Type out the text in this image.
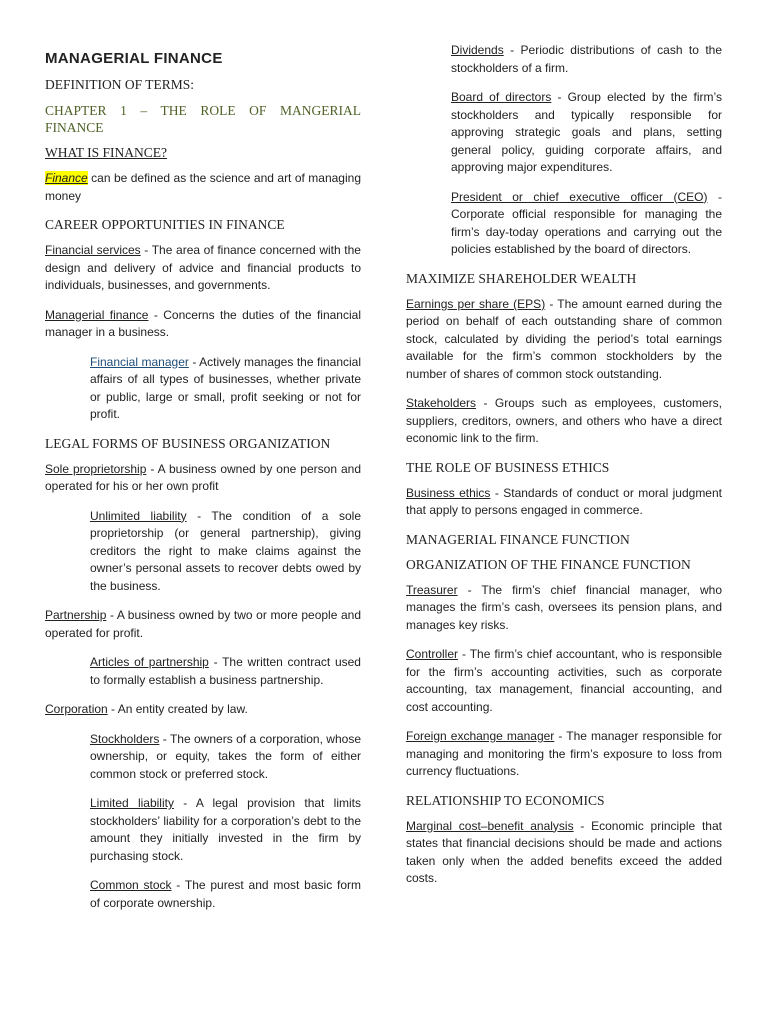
MANAGERIAL FINANCE
DEFINITION OF TERMS:
CHAPTER 1 – THE ROLE OF MANGERIAL FINANCE
WHAT IS FINANCE?
Finance can be defined as the science and art of managing money
CAREER OPPORTUNITIES IN FINANCE
Financial services - The area of finance concerned with the design and delivery of advice and financial products to individuals, businesses, and governments.
Managerial finance - Concerns the duties of the financial manager in a business.
Financial manager - Actively manages the financial affairs of all types of businesses, whether private or public, large or small, profit seeking or not for profit.
LEGAL FORMS OF BUSINESS ORGANIZATION
Sole proprietorship - A business owned by one person and operated for his or her own profit
Unlimited liability - The condition of a sole proprietorship (or general partnership), giving creditors the right to make claims against the owner’s personal assets to recover debts owed by the business.
Partnership - A business owned by two or more people and operated for profit.
Articles of partnership - The written contract used to formally establish a business partnership.
Corporation - An entity created by law.
Stockholders - The owners of a corporation, whose ownership, or equity, takes the form of either common stock or preferred stock.
Limited liability - A legal provision that limits stockholders’ liability for a corporation’s debt to the amount they initially invested in the firm by purchasing stock.
Common stock - The purest and most basic form of corporate ownership.
Dividends - Periodic distributions of cash to the stockholders of a firm.
Board of directors - Group elected by the firm’s stockholders and typically responsible for approving strategic goals and plans, setting general policy, guiding corporate affairs, and approving major expenditures.
President or chief executive officer (CEO) - Corporate official responsible for managing the firm’s day-today operations and carrying out the policies established by the board of directors.
MAXIMIZE SHAREHOLDER WEALTH
Earnings per share (EPS) - The amount earned during the period on behalf of each outstanding share of common stock, calculated by dividing the period’s total earnings available for the firm’s common stockholders by the number of shares of common stock outstanding.
Stakeholders - Groups such as employees, customers, suppliers, creditors, owners, and others who have a direct economic link to the firm.
THE ROLE OF BUSINESS ETHICS
Business ethics - Standards of conduct or moral judgment that apply to persons engaged in commerce.
MANAGERIAL FINANCE FUNCTION
ORGANIZATION OF THE FINANCE FUNCTION
Treasurer - The firm’s chief financial manager, who manages the firm’s cash, oversees its pension plans, and manages key risks.
Controller - The firm’s chief accountant, who is responsible for the firm’s accounting activities, such as corporate accounting, tax management, financial accounting, and cost accounting.
Foreign exchange manager - The manager responsible for managing and monitoring the firm’s exposure to loss from currency fluctuations.
RELATIONSHIP TO ECONOMICS
Marginal cost–benefit analysis - Economic principle that states that financial decisions should be made and actions taken only when the added benefits exceed the added costs.
